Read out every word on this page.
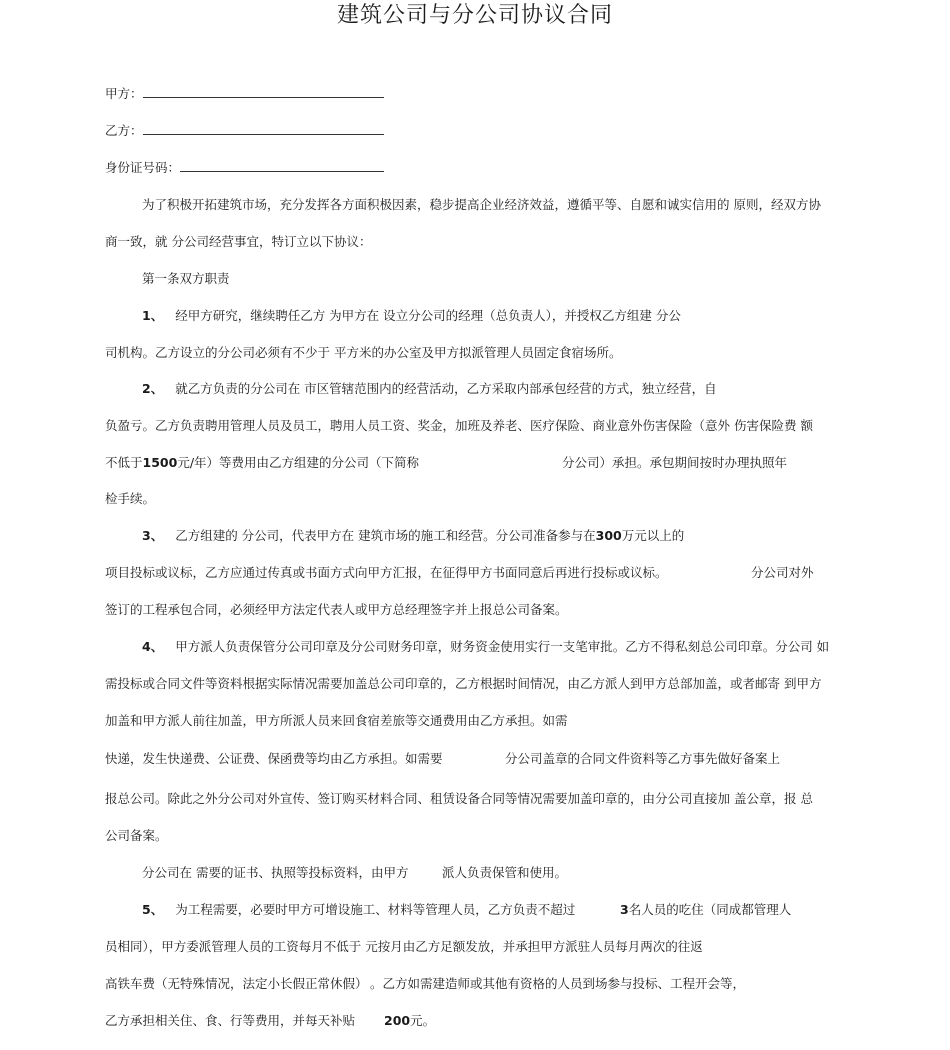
建筑公司与分公司协议合同
甲方：
乙方：
身份证号码：
为了积极开拓建筑市场，充分发挥各方面积极因素，稳步提高企业经济效益，遵循平等、自愿和诚实信用的 原则，经双方协
商一致，就 分公司经营事宜，特订立以下协议：
第一条双方职责
1、 经甲方研究，继续聘任乙方 为甲方在 设立分公司的经理（总负责人），并授权乙方组建 分公
司机构。乙方设立的分公司必须有不少于 平方米的办公室及甲方拟派管理人员固定食宿场所。
2、 就乙方负责的分公司在 市区管辖范围内的经营活动，乙方采取内部承包经营的方式，独立经营，自
负盈亏。乙方负责聘用管理人员及员工，聘用人员工资、奖金，加班及养老、医疗保险、商业意外伤害保险（意外 伤害保险费 额
不低于1500元/年）等费用由乙方组建的分公司（下简称	分公司）承担。承包期间按时办理执照年
检手续。
3、 乙方组建的 分公司，代表甲方在 建筑市场的施工和经营。分公司准备参与在300万元以上的
项目投标或议标，乙方应通过传真或书面方式向甲方汇报，在征得甲方书面同意后再进行投标或议标。	分公司对外
签订的工程承包合同，必须经甲方法定代表人或甲方总经理签字并上报总公司备案。
4、 甲方派人负责保管分公司印章及分公司财务印章，财务资金使用实行一支笔审批。乙方不得私刻总公司印章。分公司 如
需投标或合同文件等资料根据实际情况需要加盖总公司印章的，乙方根据时间情况，由乙方派人到甲方总部加盖，或者邮寄 到甲方
加盖和甲方派人前往加盖，甲方所派人员来回食宿差旅等交通费用由乙方承担。如需
快递，发生快递费、公证费、保函费等均由乙方承担。如需要	分公司盖章的合同文件资料等乙方事先做好备案上
报总公司。除此之外分公司对外宣传、签订购买材料合同、租赁设备合同等情况需要加盖印章的，由分公司直接加 盖公章，报 总
公司备案。
分公司在 需要的证书、执照等投标资料，由甲方	派人负责保管和使用。
5、 为工程需要，必要时甲方可增设施工、材料等管理人员，乙方负责不超过	3名人员的吃住（同成都管理人
员相同），甲方委派管理人员的工资每月不低于 元按月由乙方足额发放，并承担甲方派驻人员每月两次的往返
高铁车费（无特殊情况，法定小长假正常休假） 。乙方如需建造师或其他有资格的人员到场参与投标、工程开会等，
乙方承担相关住、食、行等费用，并每天补贴 200元。
